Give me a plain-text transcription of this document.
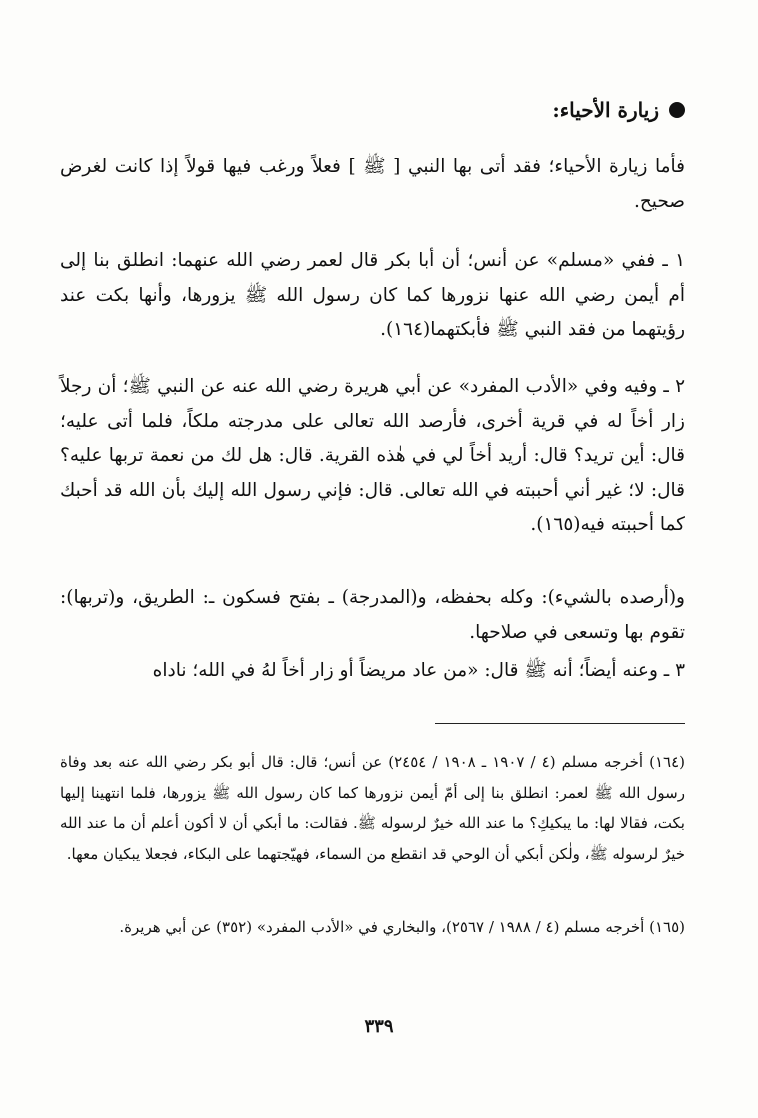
زيارة الأحياء:
فأما زيارة الأحياء؛ فقد أتى بها النبي [ ﷺ ] فعلاً ورغب فيها قولاً إذا كانت لغرض صحيح.
١ ـ ففي «مسلم» عن أنس؛ أن أبا بكر قال لعمر رضي الله عنهما: انطلق بنا إلى أم أيمن رضي الله عنها نزورها كما كان رسول الله ﷺ يزورها، وأنها بكت عند رؤيتهما من فقد النبي ﷺ فأبكتهما(١٦٤).
٢ ـ وفيه وفي «الأدب المفرد» عن أبي هريرة رضي الله عنه عن النبي ﷺ؛ أن رجلاً زار أخاً له في قرية أخرى، فأرصد الله تعالى على مدرجته ملكاً، فلما أتى عليه؛ قال: أين تريد؟ قال: أريد أخاً لي في هٰذه القرية. قال: هل لك من نعمة تربها عليه؟ قال: لا؛ غير أني أحببته في الله تعالى. قال: فإني رسول الله إليك بأن الله قد أحبك كما أحببته فيه(١٦٥).
و(أرصده بالشيء): وكله بحفظه، و(المدرجة) ـ بفتح فسكون ـ: الطريق، و(تربها): تقوم بها وتسعى في صلاحها.
٣ ـ وعنه أيضاً؛ أنه ﷺ قال: «من عاد مريضاً أو زار أخاً لهُ في الله؛ ناداه
(١٦٤) أخرجه مسلم (٤ / ١٩٠٧ ـ ١٩٠٨ / ٢٤٥٤) عن أنس؛ قال: قال أبو بكر رضي الله عنه بعد وفاة رسول الله ﷺ لعمر: انطلق بنا إلى أمّ أيمن نزورها كما كان رسول الله ﷺ يزورها، فلما انتهينا إليها بكت، فقالا لها: ما يبكيكِ؟ ما عند الله خيرٌ لرسوله ﷺ. فقالت: ما أبكي أن لا أكون أعلم أن ما عند الله خيرٌ لرسوله ﷺ، ولٰكن أبكي أن الوحي قد انقطع من السماء، فهيّجتهما على البكاء، فجعلا يبكيان معها.
(١٦٥) أخرجه مسلم (٤ / ١٩٨٨ / ٢٥٦٧)، والبخاري في «الأدب المفرد» (٣٥٢) عن أبي هريرة.
٣٣٩
